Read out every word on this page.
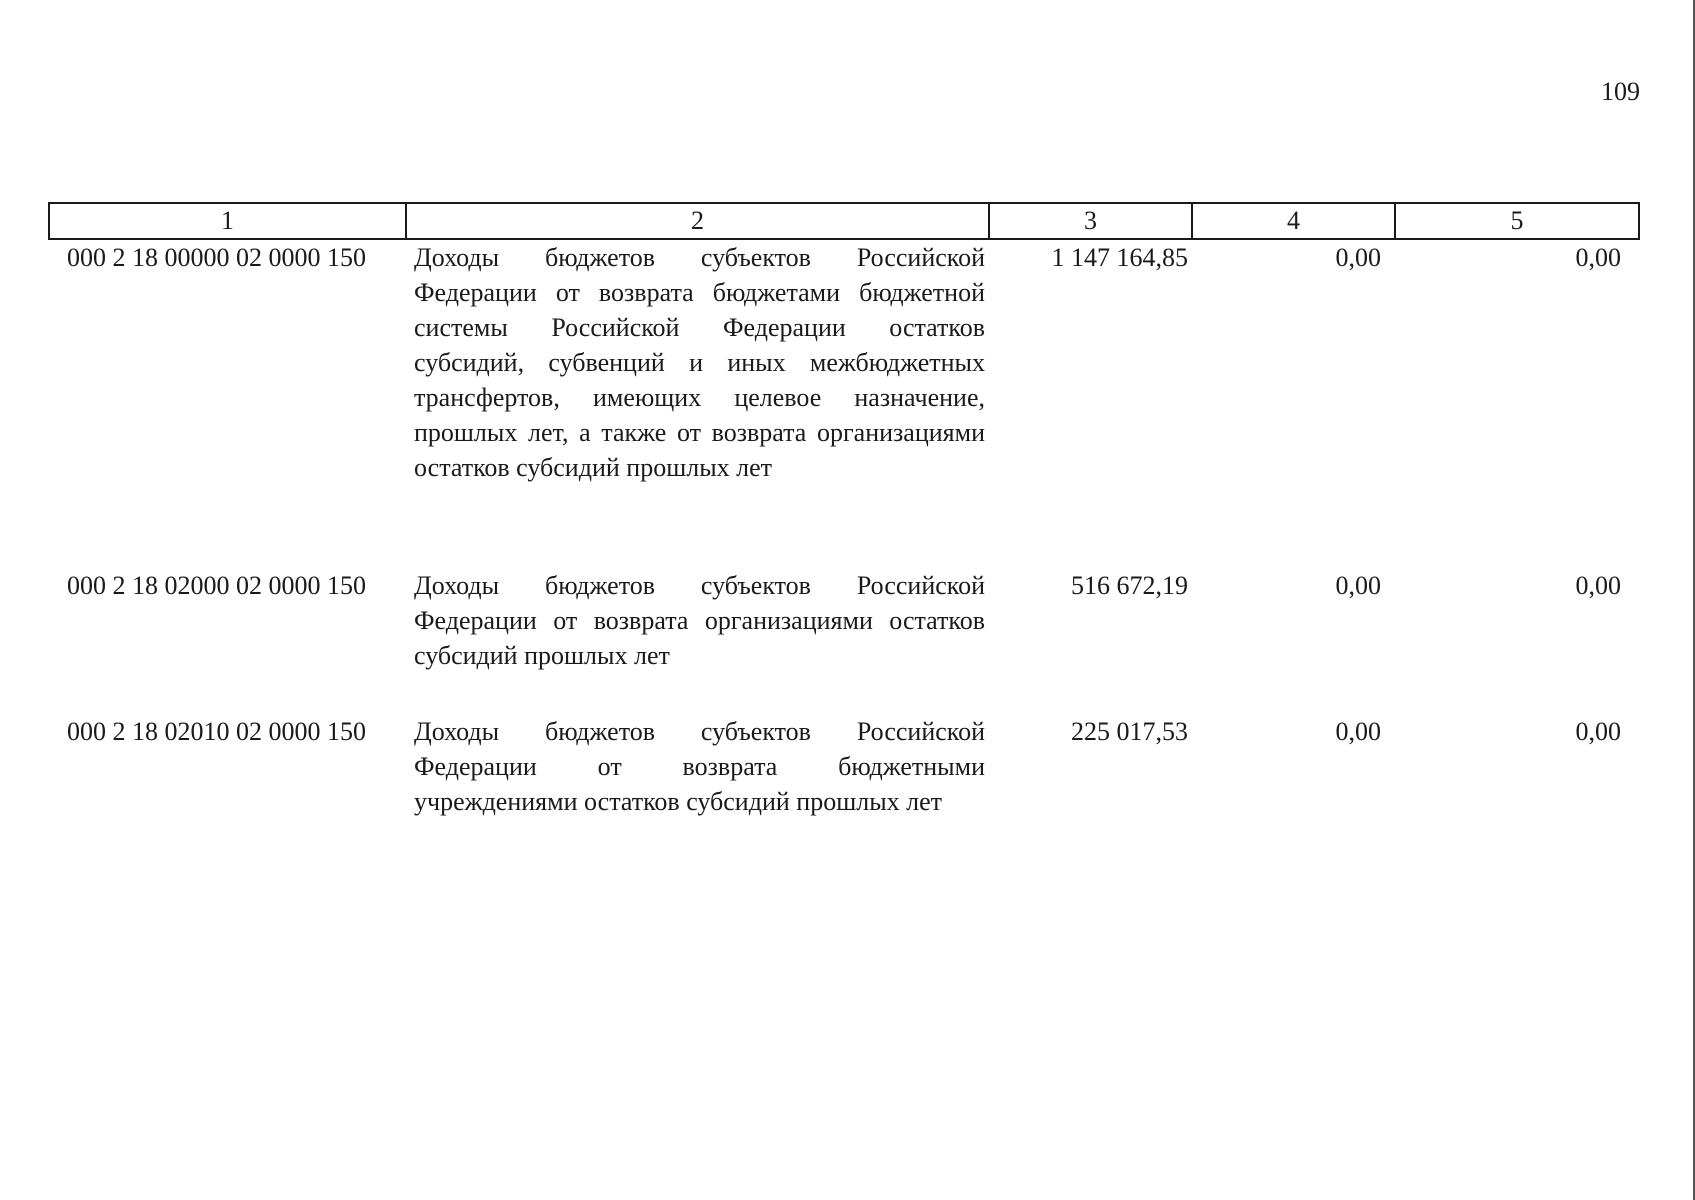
109
1	2	3	4	5
000 2 18 00000 02 0000 150	Доходы бюджетов субъектов Российской Федерации от возврата бюджетами бюджетной системы Российской Федерации остатков субсидий, субвенций и иных межбюджетных трансфертов, имеющих целевое назначение, прошлых лет, а также от возврата организациями остатков субсидий прошлых лет	1 147 164,85	0,00	0,00
000 2 18 02000 02 0000 150	Доходы бюджетов субъектов Российской Федерации от возврата организациями остатков субсидий прошлых лет	516 672,19	0,00	0,00
000 2 18 02010 02 0000 150	Доходы бюджетов субъектов Российской Федерации от возврата бюджетными учреждениями остатков субсидий прошлых лет	225 017,53	0,00	0,00
